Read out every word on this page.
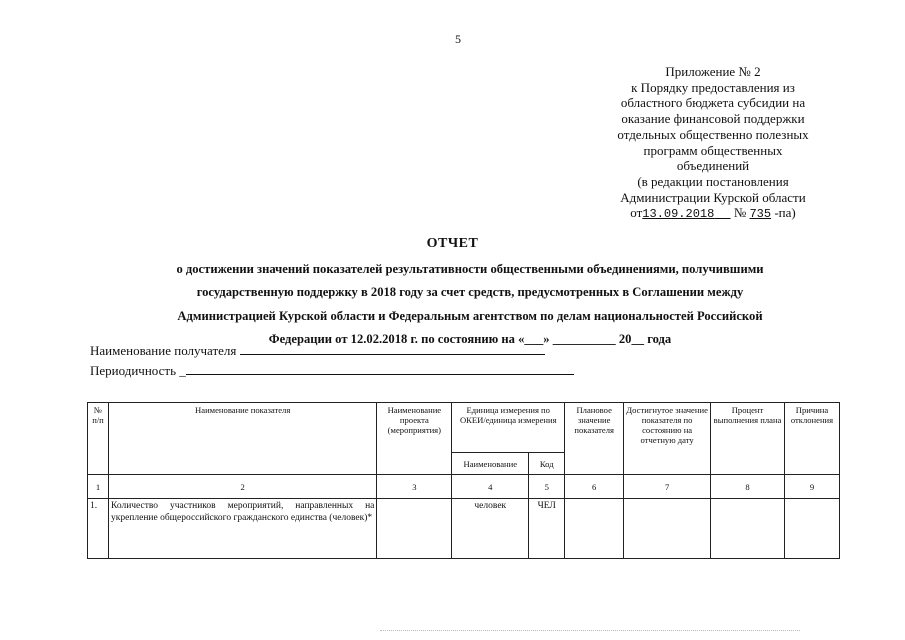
5
Приложение № 2
к Порядку предоставления из
областного бюджета субсидии на
оказание финансовой поддержки
отдельных общественно полезных
программ общественных
объединений
(в редакции постановления
Администрации Курской области
от13.09.2018 № 735 -па)
ОТЧЕТ
о достижении значений показателей результативности общественными объединениями, получившими
государственную поддержку в 2018 году за счет средств, предусмотренных в Соглашении между
Администрацией Курской области и Федеральным агентством по делам национальностей Российской
Федерации от 12.02.2018 г. по состоянию на «___» __________ 20__ года
Наименование получателя
Периодичность _
№ п/п	Наименование показателя	Наименование проекта (мероприятия)	Единица измерения по ОКЕИ/единица измерения		Плановое значение показателя	Достигнутое значение показателя по состоянию на отчетную дату	Процент выполнения плана	Причина отклонения
			Наименование	Код				
1	2	3	4	5	6	7	8	9
1.	Количество участников мероприятий, направленных на укрепление общероссийского гражданского единства (человек)*		человек	ЧЕЛ				
